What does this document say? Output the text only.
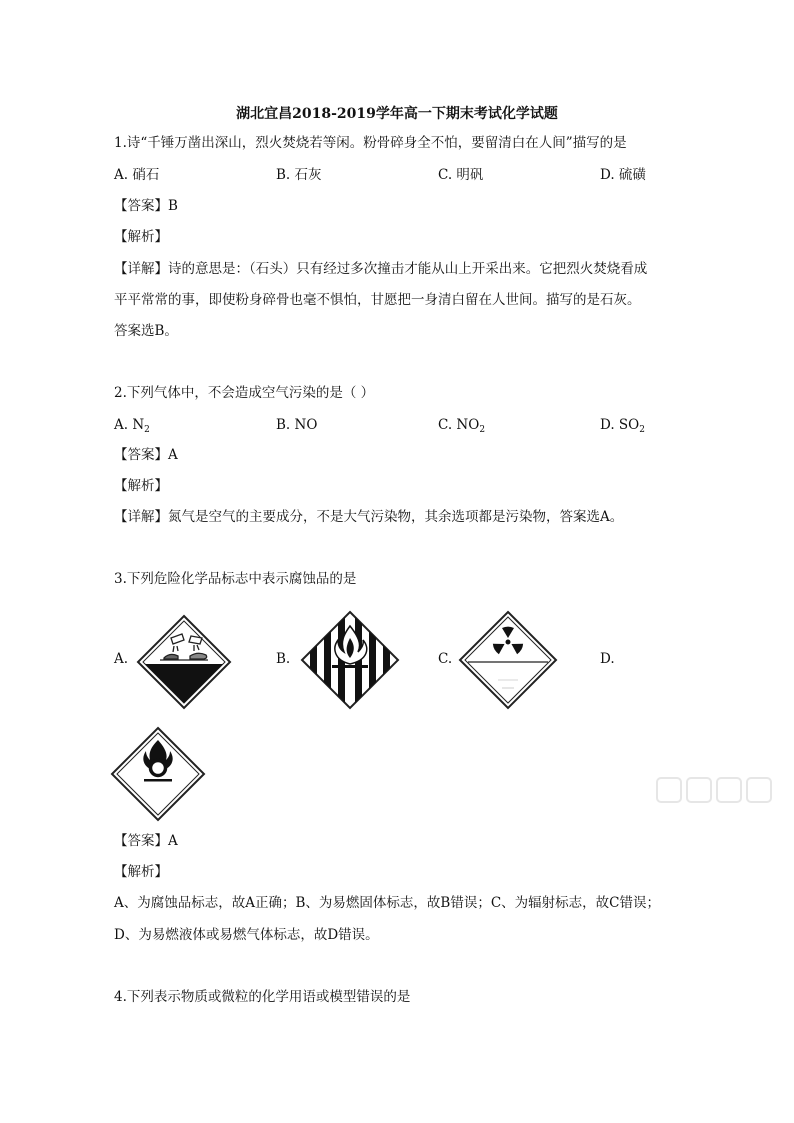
湖北宜昌2018-2019学年高一下期末考试化学试题
1.诗“千锤万凿出深山，烈火焚烧若等闲。粉骨碎身全不怕，要留清白在人间”描写的是
A. 硝石	B. 石灰	C. 明矾	D. 硫磺
【答案】B
【解析】
【详解】诗的意思是：（石头）只有经过多次撞击才能从山上开采出来。它把烈火焚烧看成
平平常常的事，即使粉身碎骨也毫不惧怕，甘愿把一身清白留在人世间。描写的是石灰。
答案选B。
2.下列气体中，不会造成空气污染的是（ ）
A. $N_2$	B. NO	C. $NO_2$	D. $SO_2$
【答案】A
【解析】
【详解】氮气是空气的主要成分，不是大气污染物，其余选项都是污染物，答案选A。
3.下列危险化学品标志中表示腐蚀品的是
A.	B.	C.	D.
【答案】A
【解析】
A、为腐蚀品标志，故A正确；B、为易燃固体标志，故B错误；C、为辐射标志，故C错误；
D、为易燃液体或易燃气体标志，故D错误。
4.下列表示物质或微粒的化学用语或模型错误的是
